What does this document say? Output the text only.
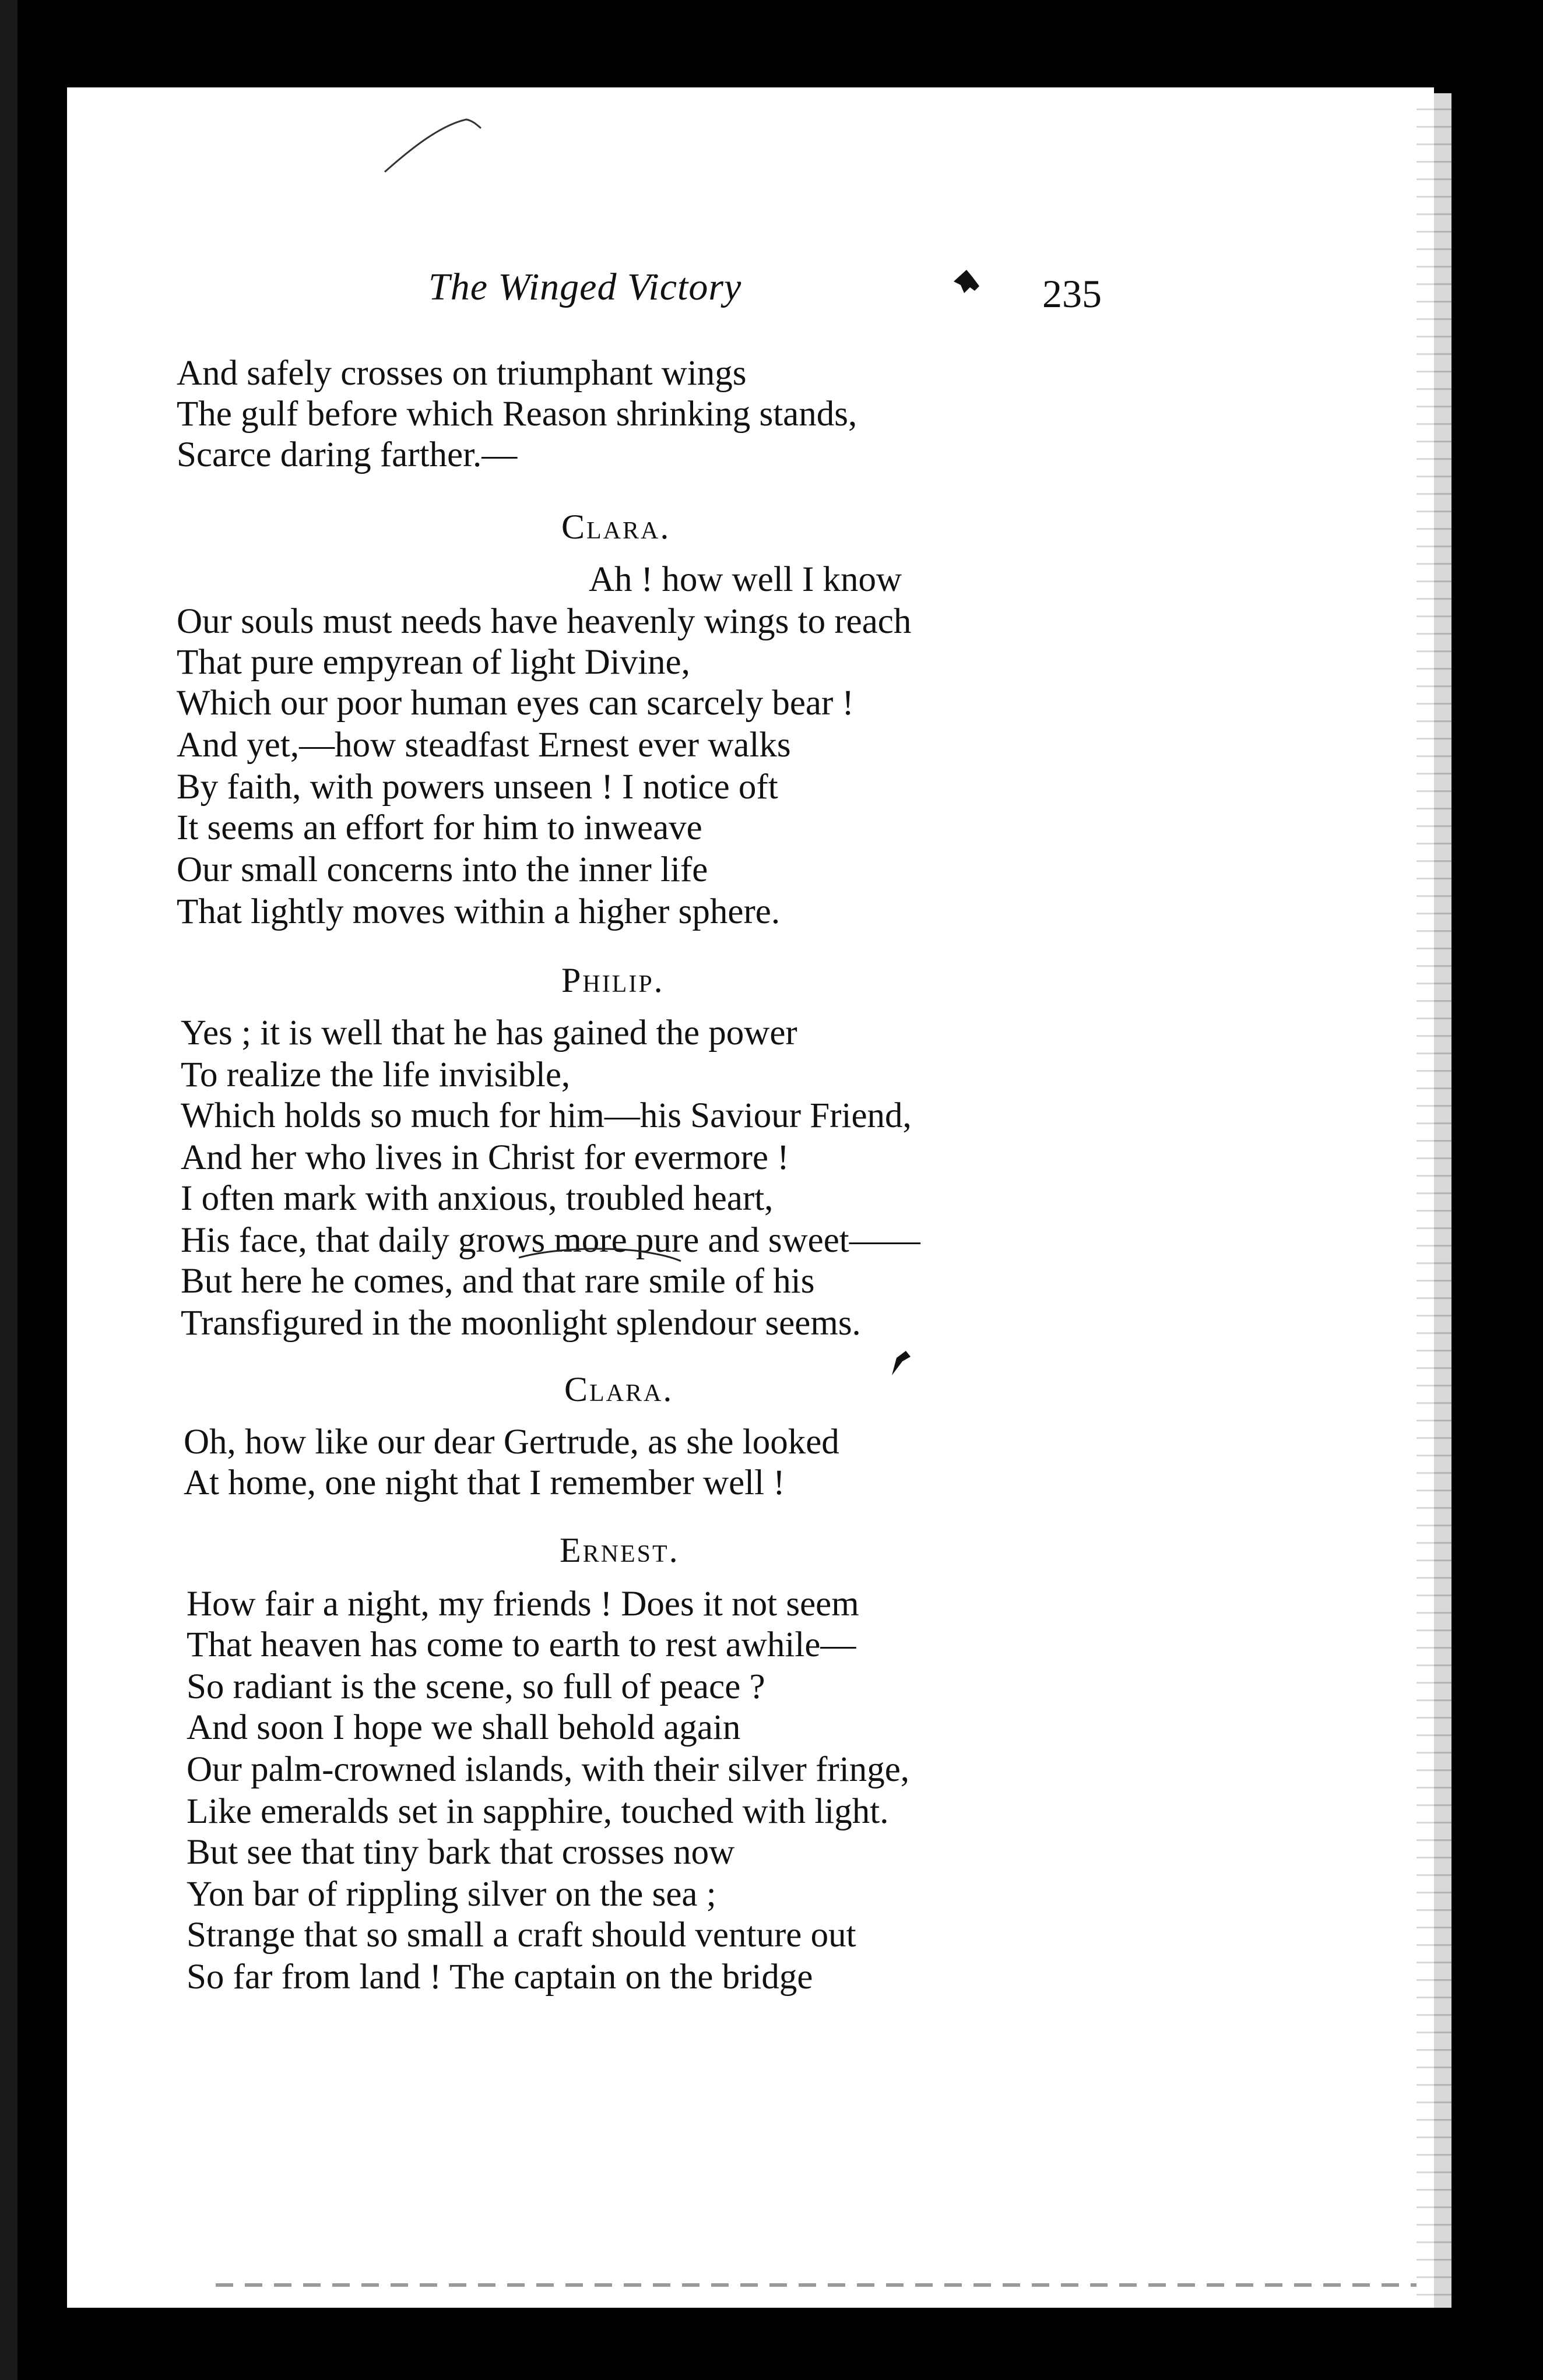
The Winged Victory	235
And safely crosses on triumphant wings
The gulf before which Reason shrinking stands,
Scarce daring farther.—
Clara.
Ah ! how well I know
Our souls must needs have heavenly wings to reach
That pure empyrean of light Divine,
Which our poor human eyes can scarcely bear !
And yet,—how steadfast Ernest ever walks
By faith, with powers unseen ! I notice oft
It seems an effort for him to inweave
Our small concerns into the inner life
That lightly moves within a higher sphere.
Philip.
Yes ; it is well that he has gained the power
To realize the life invisible,
Which holds so much for him—his Saviour Friend,
And her who lives in Christ for evermore !
I often mark with anxious, troubled heart,
His face, that daily grows more pure and sweet——
But here he comes, and that rare smile of his
Transfigured in the moonlight splendour seems.
Clara.
Oh, how like our dear Gertrude, as she looked
At home, one night that I remember well !
Ernest.
How fair a night, my friends ! Does it not seem
That heaven has come to earth to rest awhile—
So radiant is the scene, so full of peace ?
And soon I hope we shall behold again
Our palm-crowned islands, with their silver fringe,
Like emeralds set in sapphire, touched with light.
But see that tiny bark that crosses now
Yon bar of rippling silver on the sea ;
Strange that so small a craft should venture out
So far from land ! The captain on the bridge
